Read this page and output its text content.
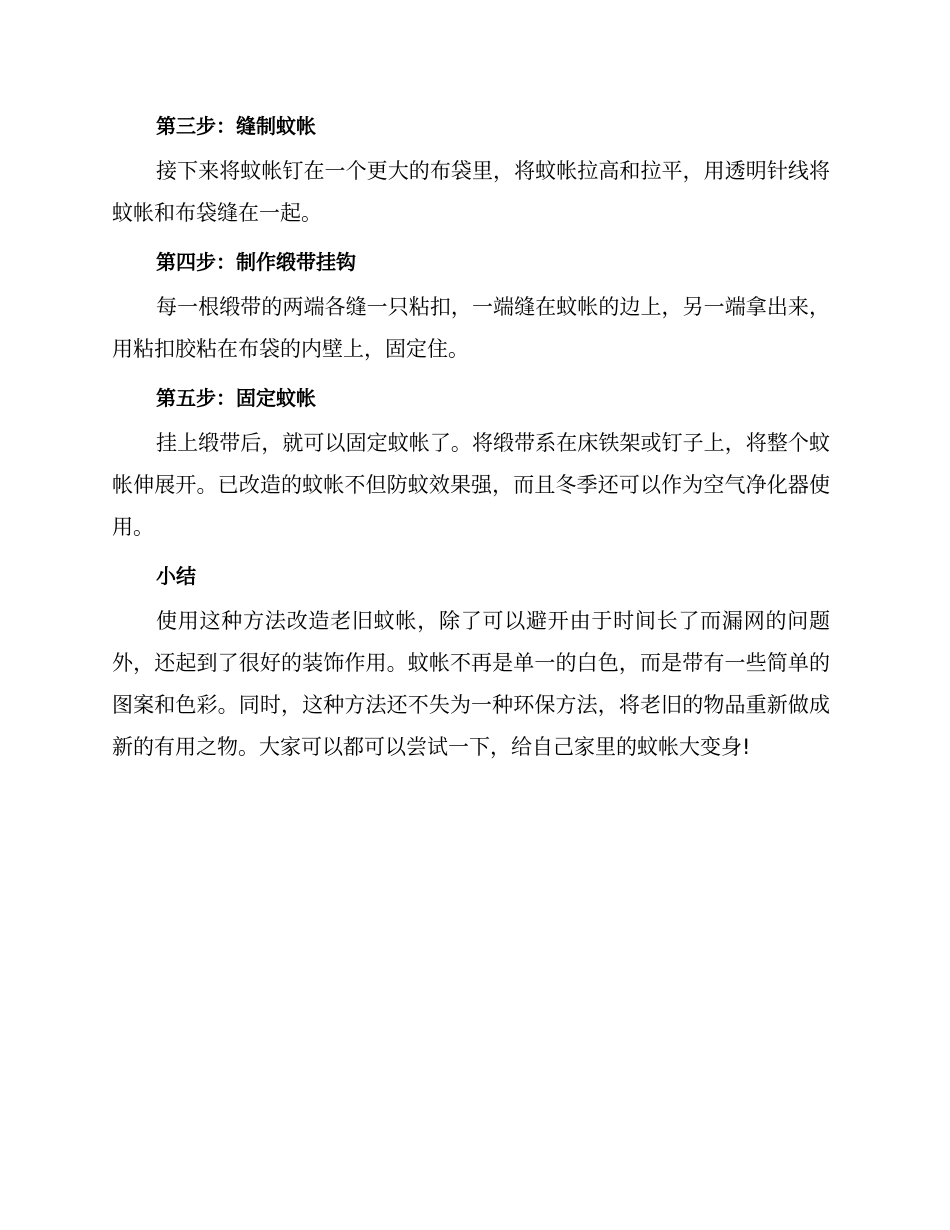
第三步：缝制蚊帐

接下来将蚊帐钉在一个更大的布袋里，将蚊帐拉高和拉平，用透明针线将蚊帐和布袋缝在一起。

第四步：制作缎带挂钩

每一根缎带的两端各缝一只粘扣，一端缝在蚊帐的边上，另一端拿出来，用粘扣胶粘在布袋的内壁上，固定住。

第五步：固定蚊帐

挂上缎带后，就可以固定蚊帐了。将缎带系在床铁架或钉子上，将整个蚊帐伸展开。已改造的蚊帐不但防蚊效果强，而且冬季还可以作为空气净化器使用。

小结

使用这种方法改造老旧蚊帐，除了可以避开由于时间长了而漏网的问题外，还起到了很好的装饰作用。蚊帐不再是单一的白色，而是带有一些简单的图案和色彩。同时，这种方法还不失为一种环保方法，将老旧的物品重新做成新的有用之物。大家可以都可以尝试一下，给自己家里的蚊帐大变身!
